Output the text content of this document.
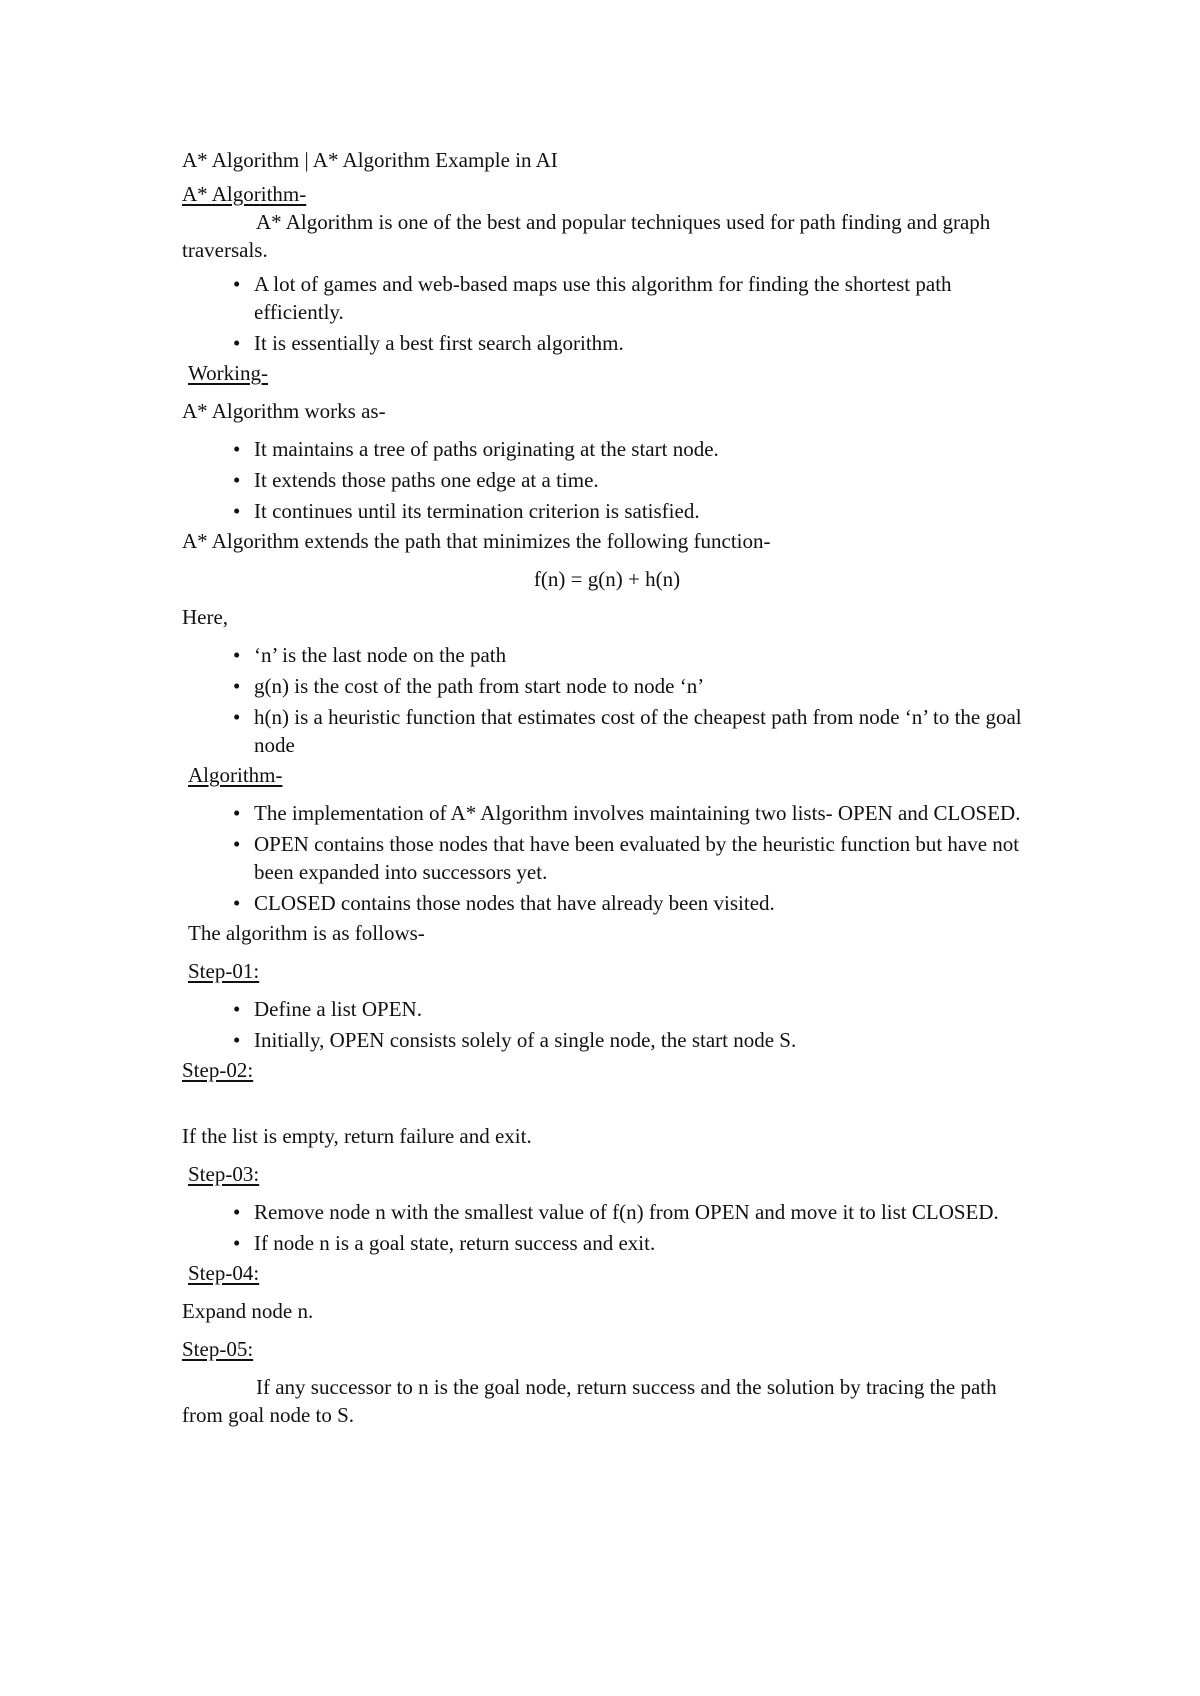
A* Algorithm | A* Algorithm Example in AI

A* Algorithm-

A* Algorithm is one of the best and popular techniques used for path finding and graph traversals.

• A lot of games and web-based maps use this algorithm for finding the shortest path efficiently.
• It is essentially a best first search algorithm.

Working-

A* Algorithm works as-

• It maintains a tree of paths originating at the start node.
• It extends those paths one edge at a time.
• It continues until its termination criterion is satisfied.

A* Algorithm extends the path that minimizes the following function-

f(n) = g(n) + h(n)

Here,

• ‘n’ is the last node on the path
• g(n) is the cost of the path from start node to node ‘n’
• h(n) is a heuristic function that estimates cost of the cheapest path from node ‘n’ to the goal node

Algorithm-

• The implementation of A* Algorithm involves maintaining two lists- OPEN and CLOSED.
• OPEN contains those nodes that have been evaluated by the heuristic function but have not been expanded into successors yet.
• CLOSED contains those nodes that have already been visited.

The algorithm is as follows-

Step-01:

• Define a list OPEN.
• Initially, OPEN consists solely of a single node, the start node S.

Step-02:

If the list is empty, return failure and exit.

Step-03:

• Remove node n with the smallest value of f(n) from OPEN and move it to list CLOSED.
• If node n is a goal state, return success and exit.

Step-04:

Expand node n.

Step-05:

If any successor to n is the goal node, return success and the solution by tracing the path from goal node to S.
